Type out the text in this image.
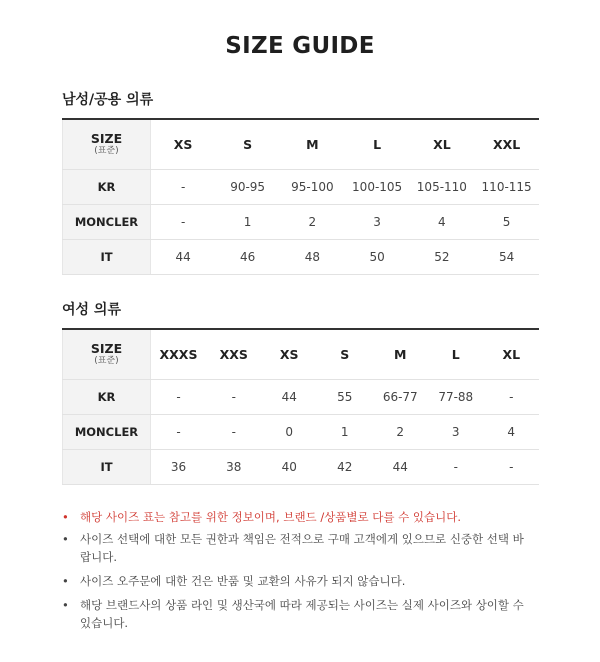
SIZE GUIDE
남성/공용 의류
SIZE
(표준)	XS	S	M	L	XL	XXL
KR	-	90-95	95-100	100-105	105-110	110-115
MONCLER	-	1	2	3	4	5
IT	44	46	48	50	52	54
여성 의류
SIZE
(표준)	XXXS	XXS	XS	S	M	L	XL
KR	-	-	44	55	66-77	77-88	-
MONCLER	-	-	0	1	2	3	4
IT	36	38	40	42	44	-	-
• 해당 사이즈 표는 참고를 위한 정보이며, 브랜드 /상품별로 다를 수 있습니다.
• 사이즈 선택에 대한 모든 권한과 책임은 전적으로 구매 고객에게 있으므로 신중한 선택 바랍니다.
• 사이즈 오주문에 대한 건은 반품 및 교환의 사유가 되지 않습니다.
• 해당 브랜드사의 상품 라인 및 생산국에 따라 제공되는 사이즈는 실제 사이즈와 상이할 수 있습니다.
